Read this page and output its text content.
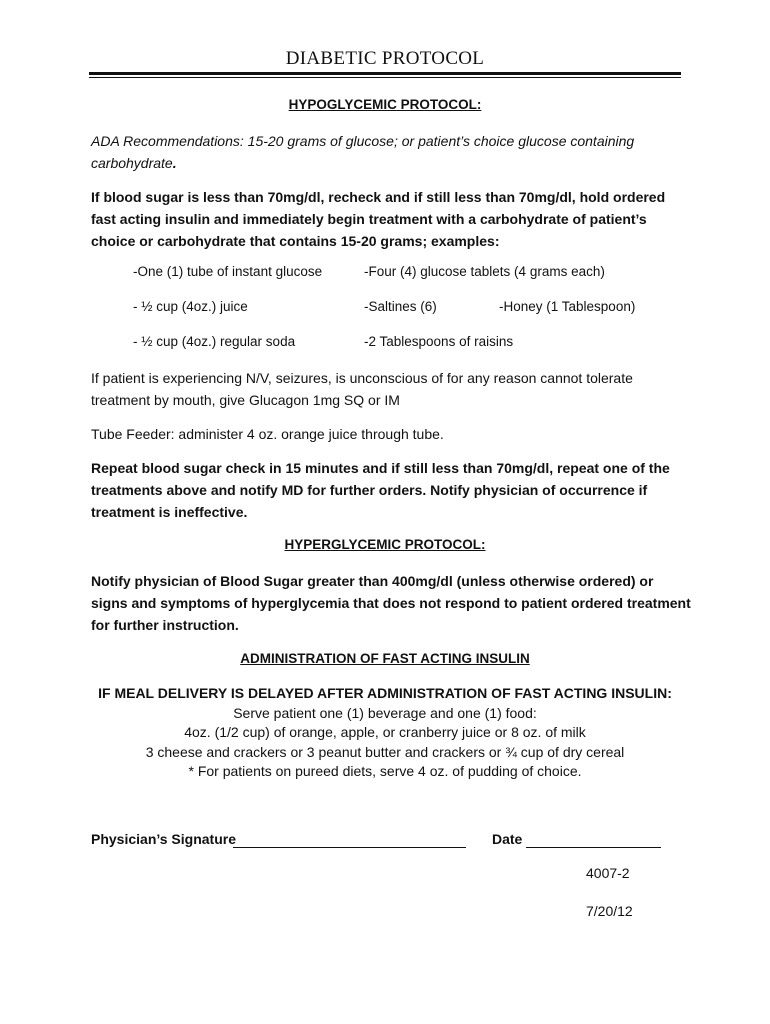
DIABETIC PROTOCOL
HYPOGLYCEMIC PROTOCOL:
ADA Recommendations: 15-20 grams of glucose; or patient’s choice glucose containing
carbohydrate.
If blood sugar is less than 70mg/dl, recheck and if still less than 70mg/dl, hold ordered fast acting insulin and immediately begin treatment with a carbohydrate of patient’s choice or carbohydrate that contains 15-20 grams; examples:
-One (1) tube of instant glucose	-Four (4) glucose tablets (4 grams each)
- ½ cup (4oz.) juice	-Saltines (6)	-Honey (1 Tablespoon)
- ½ cup (4oz.) regular soda	-2 Tablespoons of raisins
If patient is experiencing N/V, seizures, is unconscious of for any reason cannot tolerate treatment by mouth, give Glucagon 1mg SQ or IM
Tube Feeder: administer 4 oz. orange juice through tube.
Repeat blood sugar check in 15 minutes and if still less than 70mg/dl, repeat one of the treatments above and notify MD for further orders. Notify physician of occurrence if treatment is ineffective.
HYPERGLYCEMIC PROTOCOL:
Notify physician of Blood Sugar greater than 400mg/dl (unless otherwise ordered) or signs and symptoms of hyperglycemia that does not respond to patient ordered treatment for further instruction.
ADMINISTRATION OF FAST ACTING INSULIN
IF MEAL DELIVERY IS DELAYED AFTER ADMINISTRATION OF FAST ACTING INSULIN:
Serve patient one (1) beverage and one (1) food:
4oz. (1/2 cup) of orange, apple, or cranberry juice or 8 oz. of milk
3 cheese and crackers or 3 peanut butter and crackers or ¾ cup of dry cereal
* For patients on pureed diets, serve 4 oz. of pudding of choice.
Physician’s Signature	Date
4007-2
7/20/12
